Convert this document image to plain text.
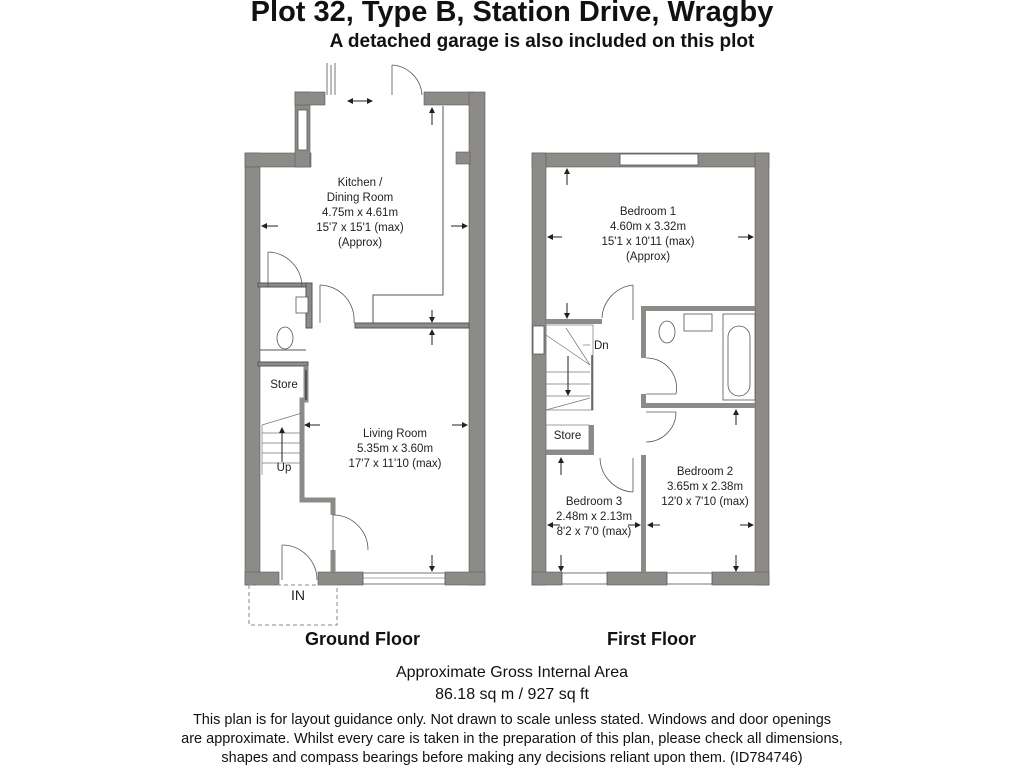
Plot 32, Type B, Station Drive, Wragby
A detached garage is also included on this plot
Kitchen /
Dining Room
4.75m x 4.61m
15'7 x 15'1 (max)
(Approx)
Living Room
5.35m x 3.60m
17'7 x 11'10 (max)
Store
Up
IN
Bedroom 1
4.60m x 3.32m
15'1 x 10'11 (max)
(Approx)
Bedroom 2
3.65m x 2.38m
12'0 x 7'10 (max)
Bedroom 3
2.48m x 2.13m
8'2 x 7'0 (max)
Store
Dn
Ground Floor	First Floor
Approximate Gross Internal Area
86.18 sq m / 927 sq ft
This plan is for layout guidance only. Not drawn to scale unless stated. Windows and door openings
are approximate. Whilst every care is taken in the preparation of this plan, please check all dimensions,
shapes and compass bearings before making any decisions reliant upon them. (ID784746)
